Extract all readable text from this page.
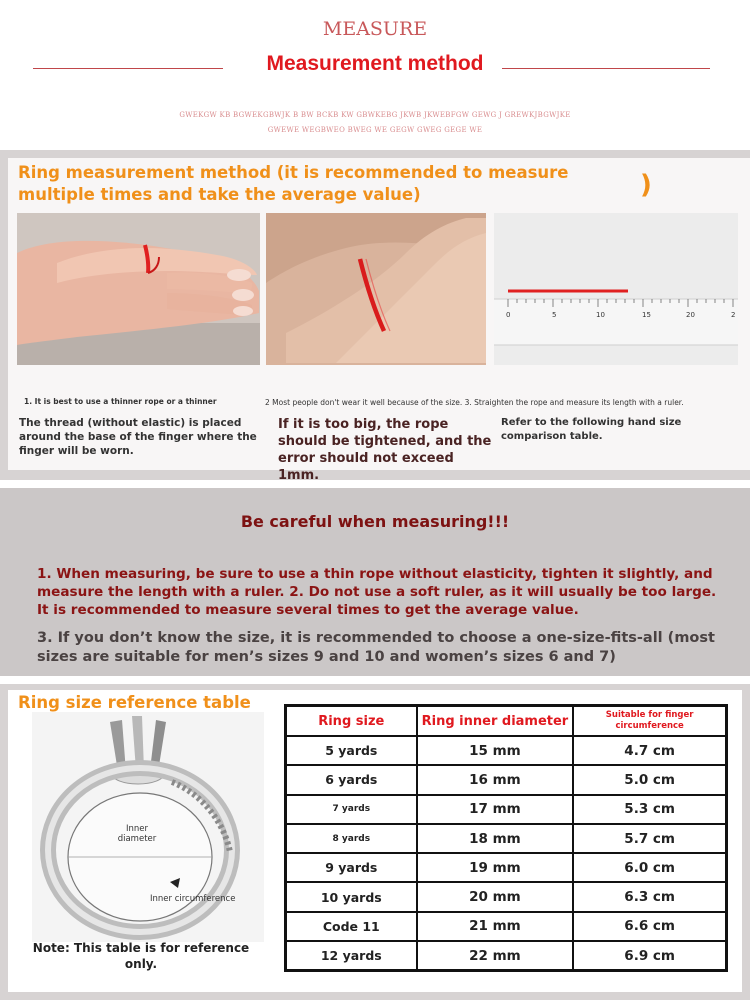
MEASURE
Measurement method
GWEKGW KB BGWEKGBWJK B BW BCKB KW GBWKEBG JKWB JKWEBFGW GEWG J GREWKJBGWJKE
GWEWE WEGBWEO BWEG WE GEGW GWEG GEGE WE
Ring measurement method (it is recommended to measure multiple times and take the average value)	)
0	5	10	15	20	2
1. It is best to use a thinner rope or a thinner	2 Most people don't wear it well because of the size. 3. Straighten the rope and measure its length with a ruler.
The thread (without elastic) is placed around the base of the finger where the finger will be worn.
If it is too big, the rope should be tightened, and the error should not exceed 1mm.
Refer to the following hand size comparison table.
Be careful when measuring!!!
1. When measuring, be sure to use a thin rope without elasticity, tighten it slightly, and measure the length with a ruler. 2. Do not use a soft ruler, as it will usually be too large. It is recommended to measure several times to get the average value.
3. If you don’t know the size, it is recommended to choose a one-size-fits-all (most sizes are suitable for men’s sizes 9 and 10 and women’s sizes 6 and 7)
Inner diameter
Inner circumference
Ring size reference table
Note: This table is for reference only.
Ring size	Ring inner diameter	Suitable for finger circumference
5 yards	15 mm	4.7 cm
6 yards	16 mm	5.0 cm
7 yards	17 mm	5.3 cm
8 yards	18 mm	5.7 cm
9 yards	19 mm	6.0 cm
10 yards	20 mm	6.3 cm
Code 11	21 mm	6.6 cm
12 yards	22 mm	6.9 cm
